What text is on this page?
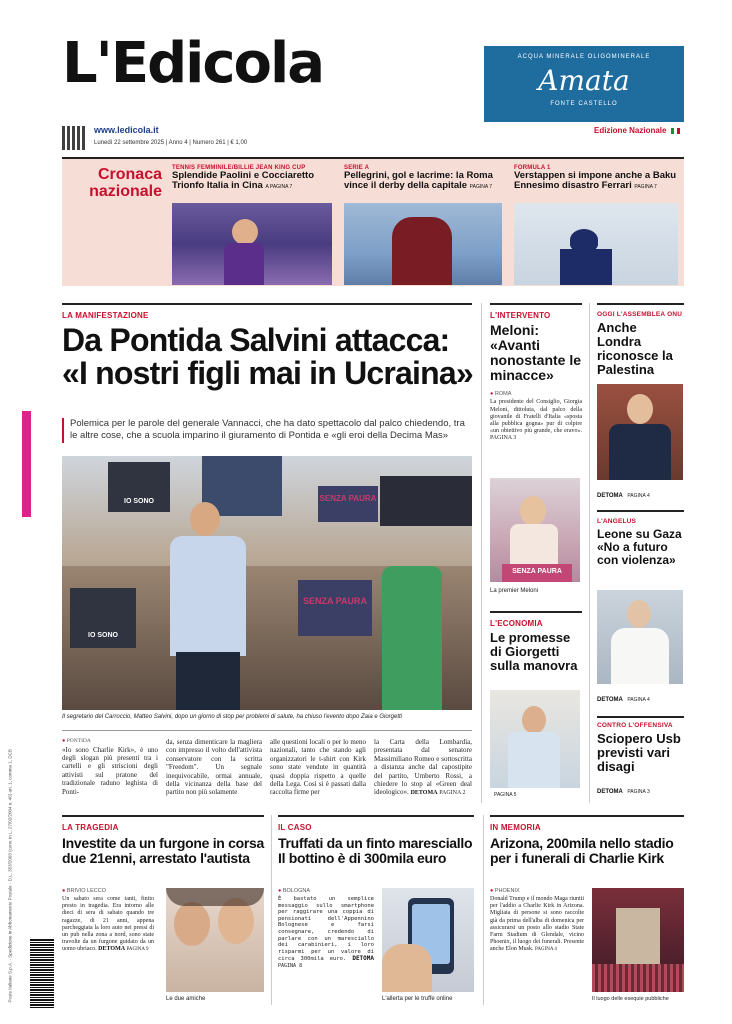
L'Edicola	ACQUA MINERALE OLIGOMINERALE
Amata
FONTE CASTELLO
www.ledicola.it
Lunedì 22 settembre 2025 | Anno 4 | Numero 261 | € 1,00
Edizione Nazionale
Cronaca
nazionale
TENNIS FEMMINILE/BILLIE JEAN KING CUP
Splendide Paolini e Cocciaretto Trionfo Italia in Cina A PAGINA 7
SERIE A
Pellegrini, gol e lacrime: la Roma vince il derby della capitale PAGINA 7
FORMULA 1
Verstappen si impone anche a Baku Ennesimo disastro Ferrari PAGINA 7
Poste Italiane S.p.A. - Spedizione in Abbonamento Postale - D.L. 353/2003 (conv. in L. 27/02/2004 n. 46) art. 1, comma 1, DCB
LA MANIFESTAZIONE
Da Pontida Salvini attacca:
«I nostri figli mai in Ucraina»
Polemica per le parole del generale Vannacci, che ha dato spettacolo dal palco chiedendo, tra le altre cose, che a scuola imparino il giuramento di Pontida e «gli eroi della Decima Mas»
IO SONO	SENZA PAURA
SENZA PAURA
IO SONO
Il segretario del Carroccio, Matteo Salvini, dopo un giorno di stop per problemi di salute, ha chiuso l'evento dopo Zaia e Giorgetti
● PONTIDA
«Io sono Charlie Kirk», è uno degli slogan più presenti tra i cartelli e gli striscioni degli attivisti sul pratone del tradizionale raduno leghista di Ponti-
da, senza dimenticare la magliera con impresso il volto dell'attivista conservatore con la scritta "Freedom". Un segnale inequivocabile, ormai annuale, della vicinanza della base del partito non più solamente
alle questioni locali o per lo meno nazionali, tanto che stando agli organizzatori le t-shirt con Kirk sono state vendute in quantità quasi doppia rispetto a quelle della Lega. Così si è passati dalla raccolta firme per
la Carta della Lombardia, presentata dal senatore Massimiliano Romeo e sottoscritta a distanza anche dal capostipite del partito, Umberto Rossi, a chiedere lo stop al «Green deal ideologico». DETOMA PAGINA 2
L'INTERVENTO
Meloni: «Avanti nonostante le minacce»
● ROMA
La presidente del Consiglio, Giorgia Meloni, dittoluta, dal palco della giovanile di Fratelli d'Italia «sposta alla pubblica gogna» pur di colpire «un obiettivo più grande, che eravo». PAGINA 3
SENZA PAURA
La premier Meloni
L'ECONOMIA
Le promesse di Giorgetti sulla manovra
PAGINA 5
OGGI L'ASSEMBLEA ONU
Anche Londra riconosce la Palestina
DETOMA PAGINA 4
L'ANGELUS
Leone su Gaza «No a futuro con violenza»
DETOMA PAGINA 4
CONTRO L'OFFENSIVA
Sciopero Usb previsti vari disagi
DETOMA PAGINA 3
LA TRAGEDIA
Investite da un furgone in corsa due 21enni, arrestato l'autista
● BRIVIO LECCO
Un sabato sera come tanti, finito presto in tragedia. Era intorno alle dieci di sera di sabato quando tre ragazze, di 21 anni, appena parcheggiata la loro auto nei pressi di un pub nella zona a nord, sono state travolte da un furgone guidato da un uomo ubriaco. DETOMA PAGINA 9
Le due amiche
IL CASO
Truffati da un finto maresciallo Il bottino è di 300mila euro
● BOLOGNA
È bastato un semplice messaggio sullo smartphone per raggirare una coppia di pensionati dell'Appennino Bolognese e farsi consegnare, credendo di parlare con un maresciallo dei carabinieri, i loro risparmi per un valore di circa 300mila euro. DETOMA PAGINA 8
L'allerta per le truffe online
IN MEMORIA
Arizona, 200mila nello stadio per i funerali di Charlie Kirk
● PHOENIX
Donald Trump e il mondo Maga riuniti per l'addio a Charlie Kirk in Arizona. Migliaia di persone si sono raccolte già da prima dell'alba di domenica per assicurarsi un posto allo stadio State Farm Stadium di Glendale, vicino Phoenix, il luogo dei funerali. Presente anche Elon Musk. PAGINA 4
Il luogo delle esequie pubbliche
